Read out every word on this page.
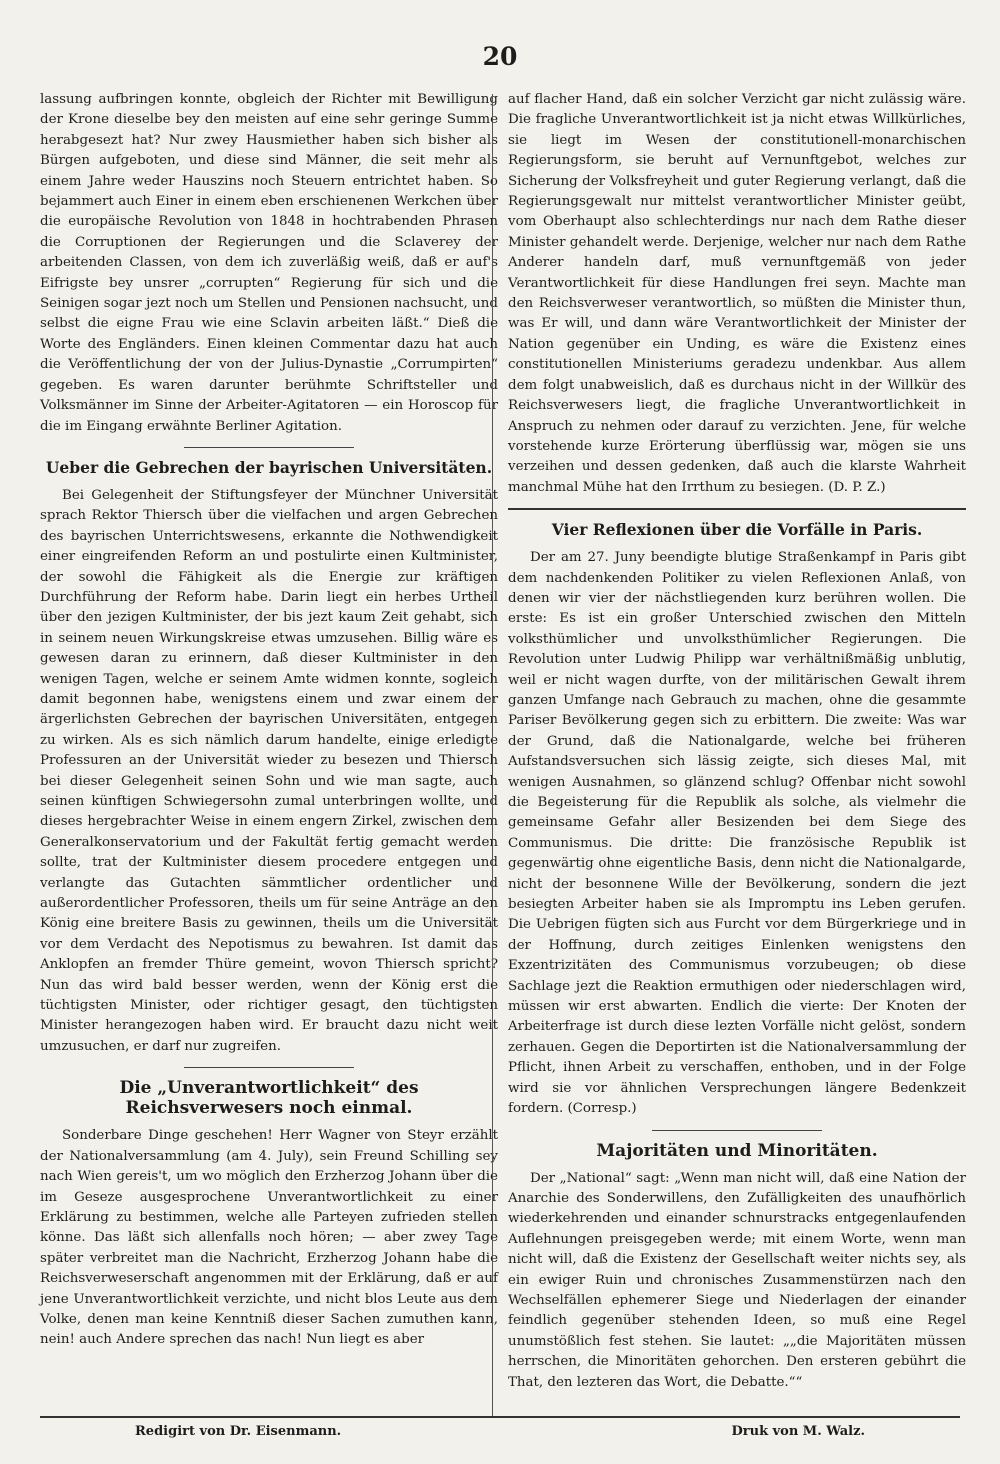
20

lassung aufbringen konnte, obgleich der Richter mit Bewilligung der Krone dieselbe bey den meisten auf eine sehr geringe Summe herabgesezt hat? Nur zwey Hausmiether haben sich bisher als Bürgen aufgeboten, und diese sind Männer, die seit mehr als einem Jahre weder Hauszins noch Steuern entrichtet haben. So bejammert auch Einer in einem eben erschienenen Werkchen über die europäische Revolution von 1848 in hochtrabenden Phrasen die Corruptionen der Regierungen und die Sclaverey der arbeitenden Classen, von dem ich zuverläßig weiß, daß er auf's Eifrigste bey unsrer „corrupten“ Regierung für sich und die Seinigen sogar jezt noch um Stellen und Pensionen nachsucht, und selbst die eigne Frau wie eine Sclavin arbeiten läßt.“ Dieß die Worte des Engländers. Einen kleinen Commentar dazu hat auch die Veröffentlichung der von der Julius-Dynastie „Corrumpirten“ gegeben. Es waren darunter berühmte Schriftsteller und Volksmänner im Sinne der Arbeiter-Agitatoren — ein Horoscop für die im Eingang erwähnte Berliner Agitation.

Ueber die Gebrechen der bayrischen Universitäten.

Bei Gelegenheit der Stiftungsfeyer der Münchner Universität sprach Rektor Thiersch über die vielfachen und argen Gebrechen des bayrischen Unterrichtswesens, erkannte die Nothwendigkeit einer eingreifenden Reform an und postulirte einen Kultminister, der sowohl die Fähigkeit als die Energie zur kräftigen Durchführung der Reform habe. Darin liegt ein herbes Urtheil über den jezigen Kultminister, der bis jezt kaum Zeit gehabt, sich in seinem neuen Wirkungskreise etwas umzusehen. Billig wäre es gewesen daran zu erinnern, daß dieser Kultminister in den wenigen Tagen, welche er seinem Amte widmen konnte, sogleich damit begonnen habe, wenigstens einem und zwar einem der ärgerlichsten Gebrechen der bayrischen Universitäten, entgegen zu wirken. Als es sich nämlich darum handelte, einige erledigte Professuren an der Universität wieder zu besezen und Thiersch bei dieser Gelegenheit seinen Sohn und wie man sagte, auch seinen künftigen Schwiegersohn zumal unterbringen wollte, und dieses hergebrachter Weise in einem engern Zirkel, zwischen dem Generalkonservatorium und der Fakultät fertig gemacht werden sollte, trat der Kultminister diesem procedere entgegen und verlangte das Gutachten sämmtlicher ordentlicher und außerordentlicher Professoren, theils um für seine Anträge an den König eine breitere Basis zu gewinnen, theils um die Universität vor dem Verdacht des Nepotismus zu bewahren. Ist damit das Anklopfen an fremder Thüre gemeint, wovon Thiersch spricht? Nun das wird bald besser werden, wenn der König erst die tüchtigsten Minister, oder richtiger gesagt, den tüchtigsten Minister herangezogen haben wird. Er braucht dazu nicht weit umzusuchen, er darf nur zugreifen.

Die „Unverantwortlichkeit“ des Reichsverwesers noch einmal.

Sonderbare Dinge geschehen! Herr Wagner von Steyr erzählt der Nationalversammlung (am 4. July), sein Freund Schilling sey nach Wien gereis't, um wo möglich den Erzherzog Johann über die im Geseze ausgesprochene Unverantwortlichkeit zu einer Erklärung zu bestimmen, welche alle Parteyen zufrieden stellen könne. Das läßt sich allenfalls noch hören; — aber zwey Tage später verbreitet man die Nachricht, Erzherzog Johann habe die Reichsverweserschaft angenommen mit der Erklärung, daß er auf jene Unverantwortlichkeit verzichte, und nicht blos Leute aus dem Volke, denen man keine Kenntniß dieser Sachen zumuthen kann, nein! auch Andere sprechen das nach! Nun liegt es aber

auf flacher Hand, daß ein solcher Verzicht gar nicht zulässig wäre. Die fragliche Unverantwortlichkeit ist ja nicht etwas Willkürliches, sie liegt im Wesen der constitutionell-monarchischen Regierungsform, sie beruht auf Vernunftgebot, welches zur Sicherung der Volksfreyheit und guter Regierung verlangt, daß die Regierungsgewalt nur mittelst verantwortlicher Minister geübt, vom Oberhaupt also schlechterdings nur nach dem Rathe dieser Minister gehandelt werde. Derjenige, welcher nur nach dem Rathe Anderer handeln darf, muß vernunftgemäß von jeder Verantwortlichkeit für diese Handlungen frei seyn. Machte man den Reichsverweser verantwortlich, so müßten die Minister thun, was Er will, und dann wäre Verantwortlichkeit der Minister der Nation gegenüber ein Unding, es wäre die Existenz eines constitutionellen Ministeriums geradezu undenkbar. Aus allem dem folgt unabweislich, daß es durchaus nicht in der Willkür des Reichsverwesers liegt, die fragliche Unverantwortlichkeit in Anspruch zu nehmen oder darauf zu verzichten. Jene, für welche vorstehende kurze Erörterung überflüssig war, mögen sie uns verzeihen und dessen gedenken, daß auch die klarste Wahrheit manchmal Mühe hat den Irrthum zu besiegen. (D. P. Z.)

Vier Reflexionen über die Vorfälle in Paris.

Der am 27. Juny beendigte blutige Straßenkampf in Paris gibt dem nachdenkenden Politiker zu vielen Reflexionen Anlaß, von denen wir vier der nächstliegenden kurz berühren wollen. Die erste: Es ist ein großer Unterschied zwischen den Mitteln volksthümlicher und unvolksthümlicher Regierungen. Die Revolution unter Ludwig Philipp war verhältnißmäßig unblutig, weil er nicht wagen durfte, von der militärischen Gewalt ihrem ganzen Umfange nach Gebrauch zu machen, ohne die gesammte Pariser Bevölkerung gegen sich zu erbittern. Die zweite: Was war der Grund, daß die Nationalgarde, welche bei früheren Aufstandsversuchen sich lässig zeigte, sich dieses Mal, mit wenigen Ausnahmen, so glänzend schlug? Offenbar nicht sowohl die Begeisterung für die Republik als solche, als vielmehr die gemeinsame Gefahr aller Besizenden bei dem Siege des Communismus. Die dritte: Die französische Republik ist gegenwärtig ohne eigentliche Basis, denn nicht die Nationalgarde, nicht der besonnene Wille der Bevölkerung, sondern die jezt besiegten Arbeiter haben sie als Impromptu ins Leben gerufen. Die Uebrigen fügten sich aus Furcht vor dem Bürgerkriege und in der Hoffnung, durch zeitiges Einlenken wenigstens den Exzentrizitäten des Communismus vorzubeugen; ob diese Sachlage jezt die Reaktion ermuthigen oder niederschlagen wird, müssen wir erst abwarten. Endlich die vierte: Der Knoten der Arbeiterfrage ist durch diese lezten Vorfälle nicht gelöst, sondern zerhauen. Gegen die Deportirten ist die Nationalversammlung der Pflicht, ihnen Arbeit zu verschaffen, enthoben, und in der Folge wird sie vor ähnlichen Versprechungen längere Bedenkzeit fordern. (Corresp.)

Majoritäten und Minoritäten.

Der „National“ sagt: „Wenn man nicht will, daß eine Nation der Anarchie des Sonderwillens, den Zufälligkeiten des unaufhörlich wiederkehrenden und einander schnurstracks entgegenlaufenden Auflehnungen preisgegeben werde; mit einem Worte, wenn man nicht will, daß die Existenz der Gesellschaft weiter nichts sey, als ein ewiger Ruin und chronisches Zusammenstürzen nach den Wechselfällen ephemerer Siege und Niederlagen der einander feindlich gegenüber stehenden Ideen, so muß eine Regel unumstößlich fest stehen. Sie lautet: „„die Majoritäten müssen herrschen, die Minoritäten gehorchen. Den ersteren gebührt die That, den lezteren das Wort, die Debatte.““

Redigirt von Dr. Eisenmann.	Druk von M. Walz.
